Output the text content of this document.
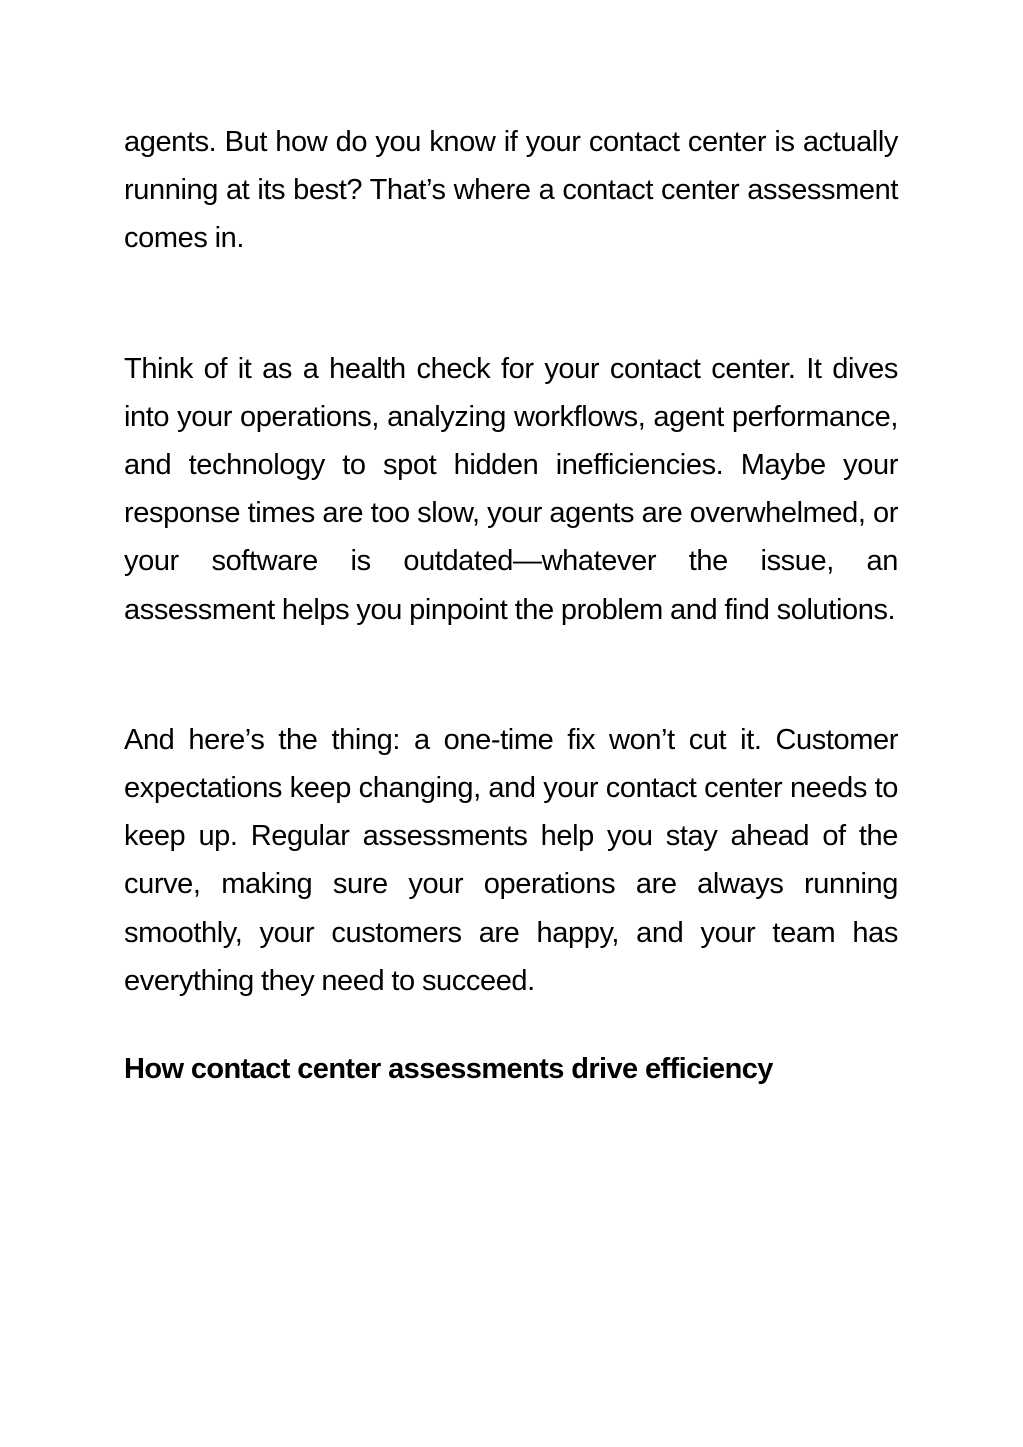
agents. But how do you know if your contact center is actually running at its best? That’s where a contact center assessment comes in.

Think of it as a health check for your contact center. It dives into your operations, analyzing workflows, agent performance, and technology to spot hidden inefficiencies. Maybe your response times are too slow, your agents are overwhelmed, or your software is outdated—whatever the issue, an assessment helps you pinpoint the problem and find solutions.

And here’s the thing: a one-time fix won’t cut it. Customer expectations keep changing, and your contact center needs to keep up. Regular assessments help you stay ahead of the curve, making sure your operations are always running smoothly, your customers are happy, and your team has everything they need to succeed.

How contact center assessments drive efficiency
